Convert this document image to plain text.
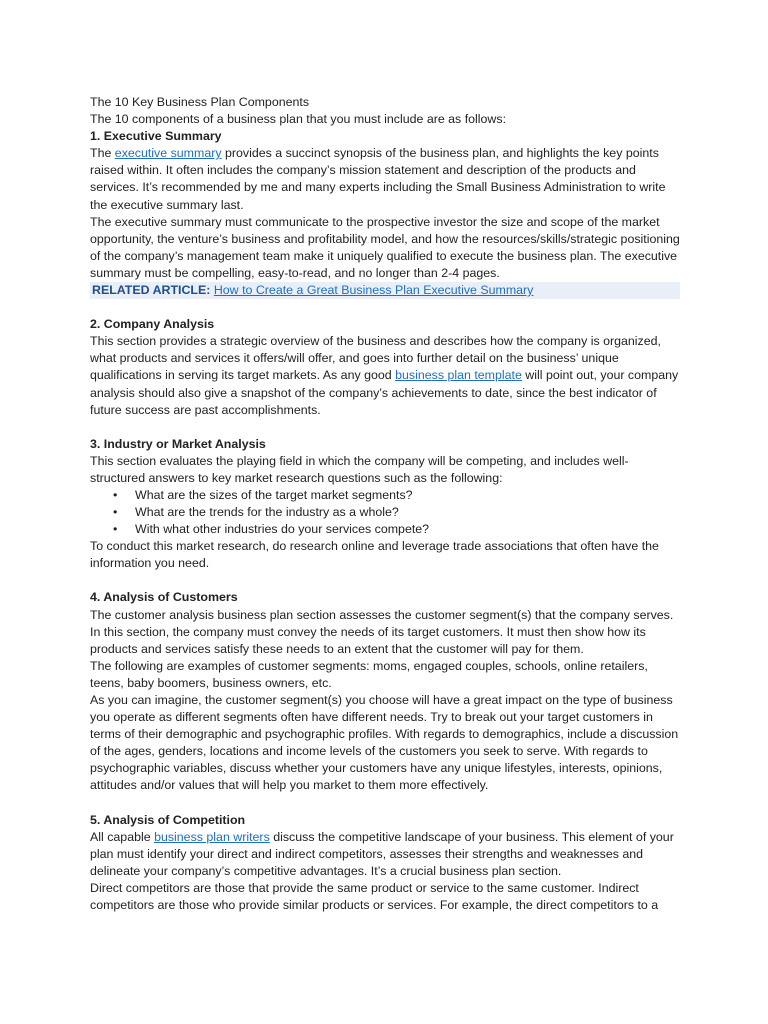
The 10 Key Business Plan Components

The 10 components of a business plan that you must include are as follows:

1. Executive Summary

The executive summary provides a succinct synopsis of the business plan, and highlights the key points raised within. It often includes the company’s mission statement and description of the products and services. It’s recommended by me and many experts including the Small Business Administration to write the executive summary last.

The executive summary must communicate to the prospective investor the size and scope of the market opportunity, the venture’s business and profitability model, and how the resources/skills/strategic positioning of the company’s management team make it uniquely qualified to execute the business plan. The executive summary must be compelling, easy-to-read, and no longer than 2-4 pages.

RELATED ARTICLE: How to Create a Great Business Plan Executive Summary

2. Company Analysis

This section provides a strategic overview of the business and describes how the company is organized, what products and services it offers/will offer, and goes into further detail on the business’ unique qualifications in serving its target markets. As any good business plan template will point out, your company analysis should also give a snapshot of the company’s achievements to date, since the best indicator of future success are past accomplishments.

3. Industry or Market Analysis

This section evaluates the playing field in which the company will be competing, and includes well-structured answers to key market research questions such as the following:

• What are the sizes of the target market segments?
• What are the trends for the industry as a whole?
• With what other industries do your services compete?

To conduct this market research, do research online and leverage trade associations that often have the information you need.

4. Analysis of Customers

The customer analysis business plan section assesses the customer segment(s) that the company serves. In this section, the company must convey the needs of its target customers. It must then show how its products and services satisfy these needs to an extent that the customer will pay for them.

The following are examples of customer segments: moms, engaged couples, schools, online retailers, teens, baby boomers, business owners, etc.

As you can imagine, the customer segment(s) you choose will have a great impact on the type of business you operate as different segments often have different needs. Try to break out your target customers in terms of their demographic and psychographic profiles. With regards to demographics, include a discussion of the ages, genders, locations and income levels of the customers you seek to serve. With regards to psychographic variables, discuss whether your customers have any unique lifestyles, interests, opinions, attitudes and/or values that will help you market to them more effectively.

5. Analysis of Competition

All capable business plan writers discuss the competitive landscape of your business. This element of your plan must identify your direct and indirect competitors, assesses their strengths and weaknesses and delineate your company’s competitive advantages. It’s a crucial business plan section.

Direct competitors are those that provide the same product or service to the same customer. Indirect competitors are those who provide similar products or services. For example, the direct competitors to a
